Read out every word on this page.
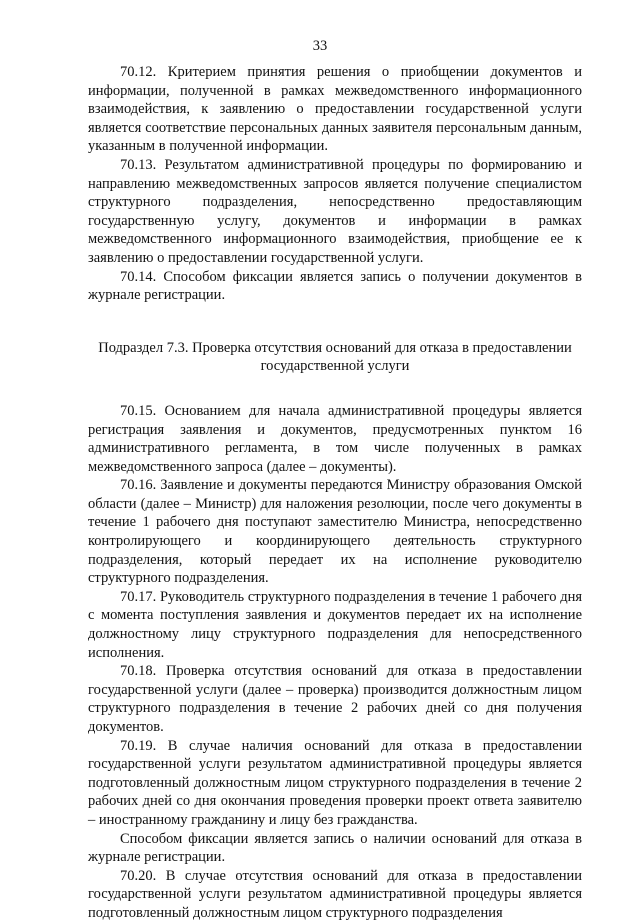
33

70.12. Критерием принятия решения о приобщении документов и информации, полученной в рамках межведомственного информационного взаимодействия, к заявлению о предоставлении государственной услуги является соответствие персональных данных заявителя персональным данным, указанным в полученной информации.

70.13. Результатом административной процедуры по формированию и направлению межведомственных запросов является получение специалистом структурного подразделения, непосредственно предоставляющим государственную услугу, документов и информации в рамках межведомственного информационного взаимодействия, приобщение ее к заявлению о предоставлении государственной услуги.

70.14. Способом фиксации является запись о получении документов в журнале регистрации.

Подраздел 7.3. Проверка отсутствия оснований для отказа в предоставлении государственной услуги

70.15. Основанием для начала административной процедуры является регистрация заявления и документов, предусмотренных пунктом 16 административного регламента, в том числе полученных в рамках межведомственного запроса (далее – документы).

70.16. Заявление и документы передаются Министру образования Омской области (далее – Министр) для наложения резолюции, после чего документы в течение 1 рабочего дня поступают заместителю Министра, непосредственно контролирующего и координирующего деятельность структурного подразделения, который передает их на исполнение руководителю структурного подразделения.

70.17. Руководитель структурного подразделения в течение 1 рабочего дня с момента поступления заявления и документов передает их на исполнение должностному лицу структурного подразделения для непосредственного исполнения.

70.18. Проверка отсутствия оснований для отказа в предоставлении государственной услуги (далее – проверка) производится должностным лицом структурного подразделения в течение 2 рабочих дней со дня получения документов.

70.19. В случае наличия оснований для отказа в предоставлении государственной услуги результатом административной процедуры является подготовленный должностным лицом структурного подразделения в течение 2 рабочих дней со дня окончания проведения проверки проект ответа заявителю – иностранному гражданину и лицу без гражданства.

Способом фиксации является запись о наличии оснований для отказа в журнале регистрации.

70.20. В случае отсутствия оснований для отказа в предоставлении государственной услуги результатом административной процедуры является подготовленный должностным лицом структурного подразделения
